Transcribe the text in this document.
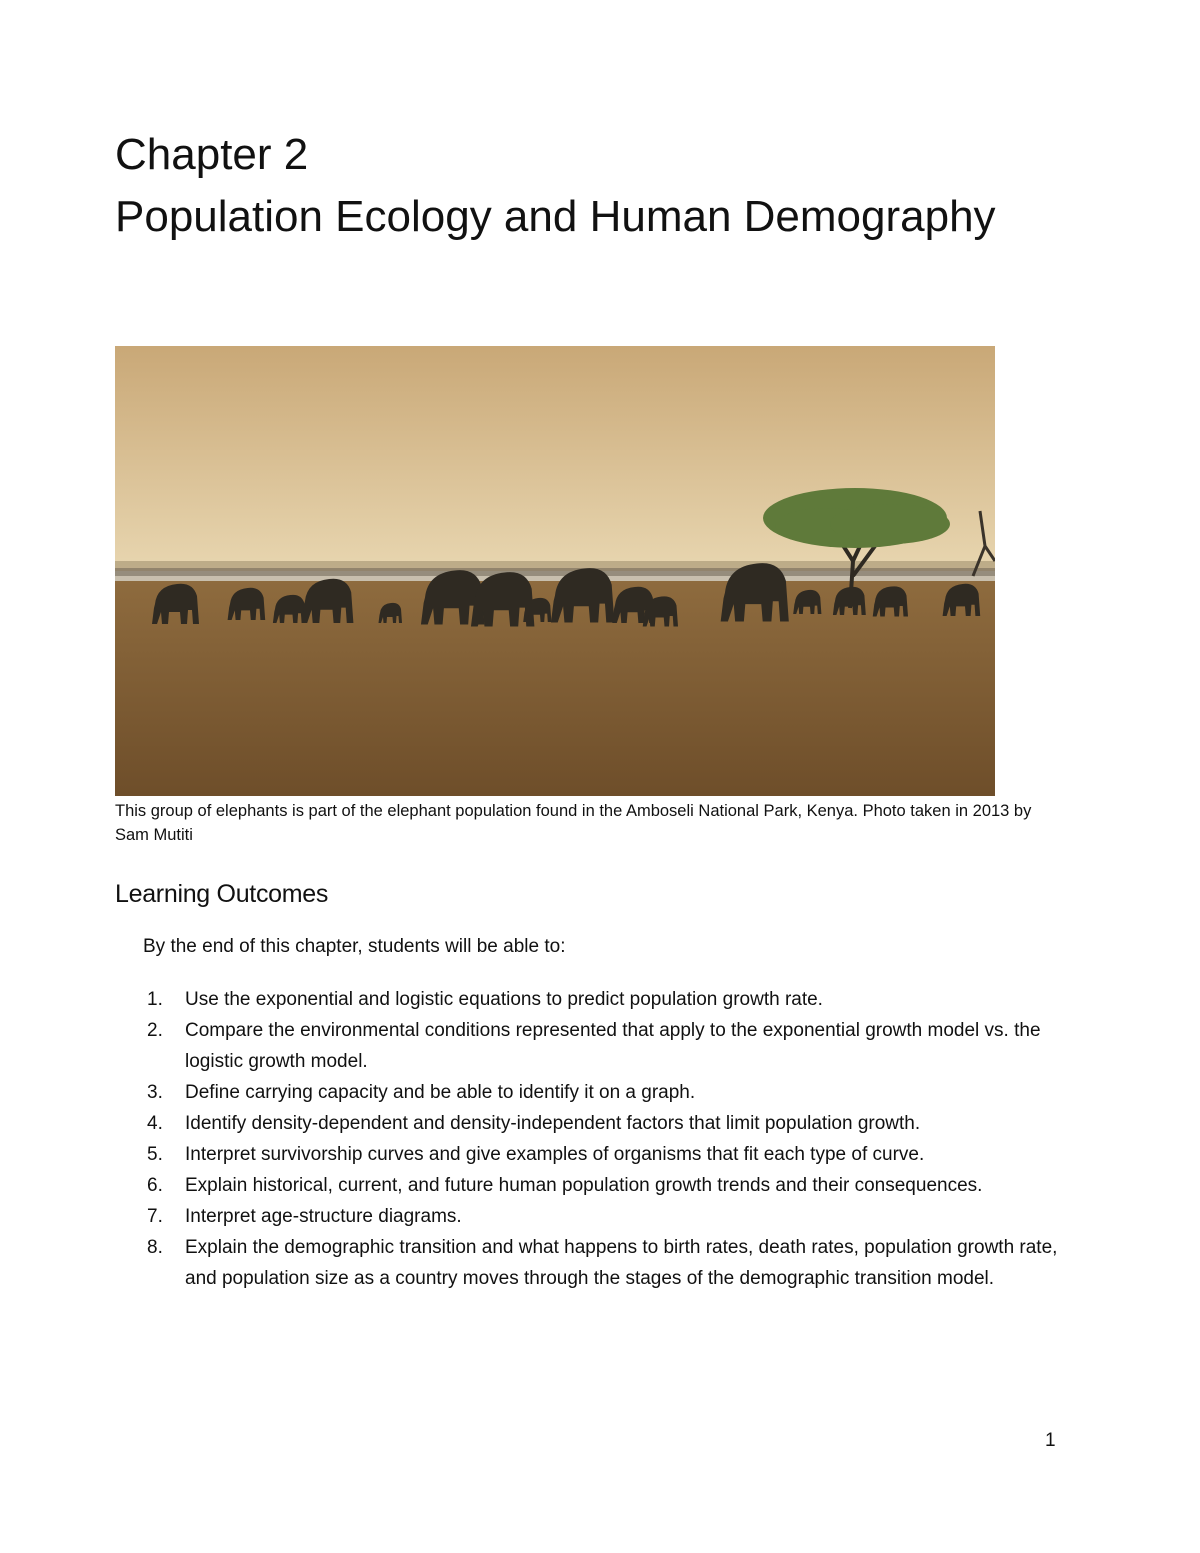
Chapter 2
Population Ecology and Human Demography
This group of elephants is part of the elephant population found in the Amboseli National Park, Kenya. Photo taken in 2013 by Sam Mutiti
Learning Outcomes
By the end of this chapter, students will be able to:
1. Use the exponential and logistic equations to predict population growth rate.
2. Compare the environmental conditions represented that apply to the exponential growth model vs. the logistic growth model.
3. Define carrying capacity and be able to identify it on a graph.
4. Identify density-dependent and density-independent factors that limit population growth.
5. Interpret survivorship curves and give examples of organisms that fit each type of curve.
6. Explain historical, current, and future human population growth trends and their consequences.
7. Interpret age-structure diagrams.
8. Explain the demographic transition and what happens to birth rates, death rates, population growth rate, and population size as a country moves through the stages of the demographic transition model.
1
